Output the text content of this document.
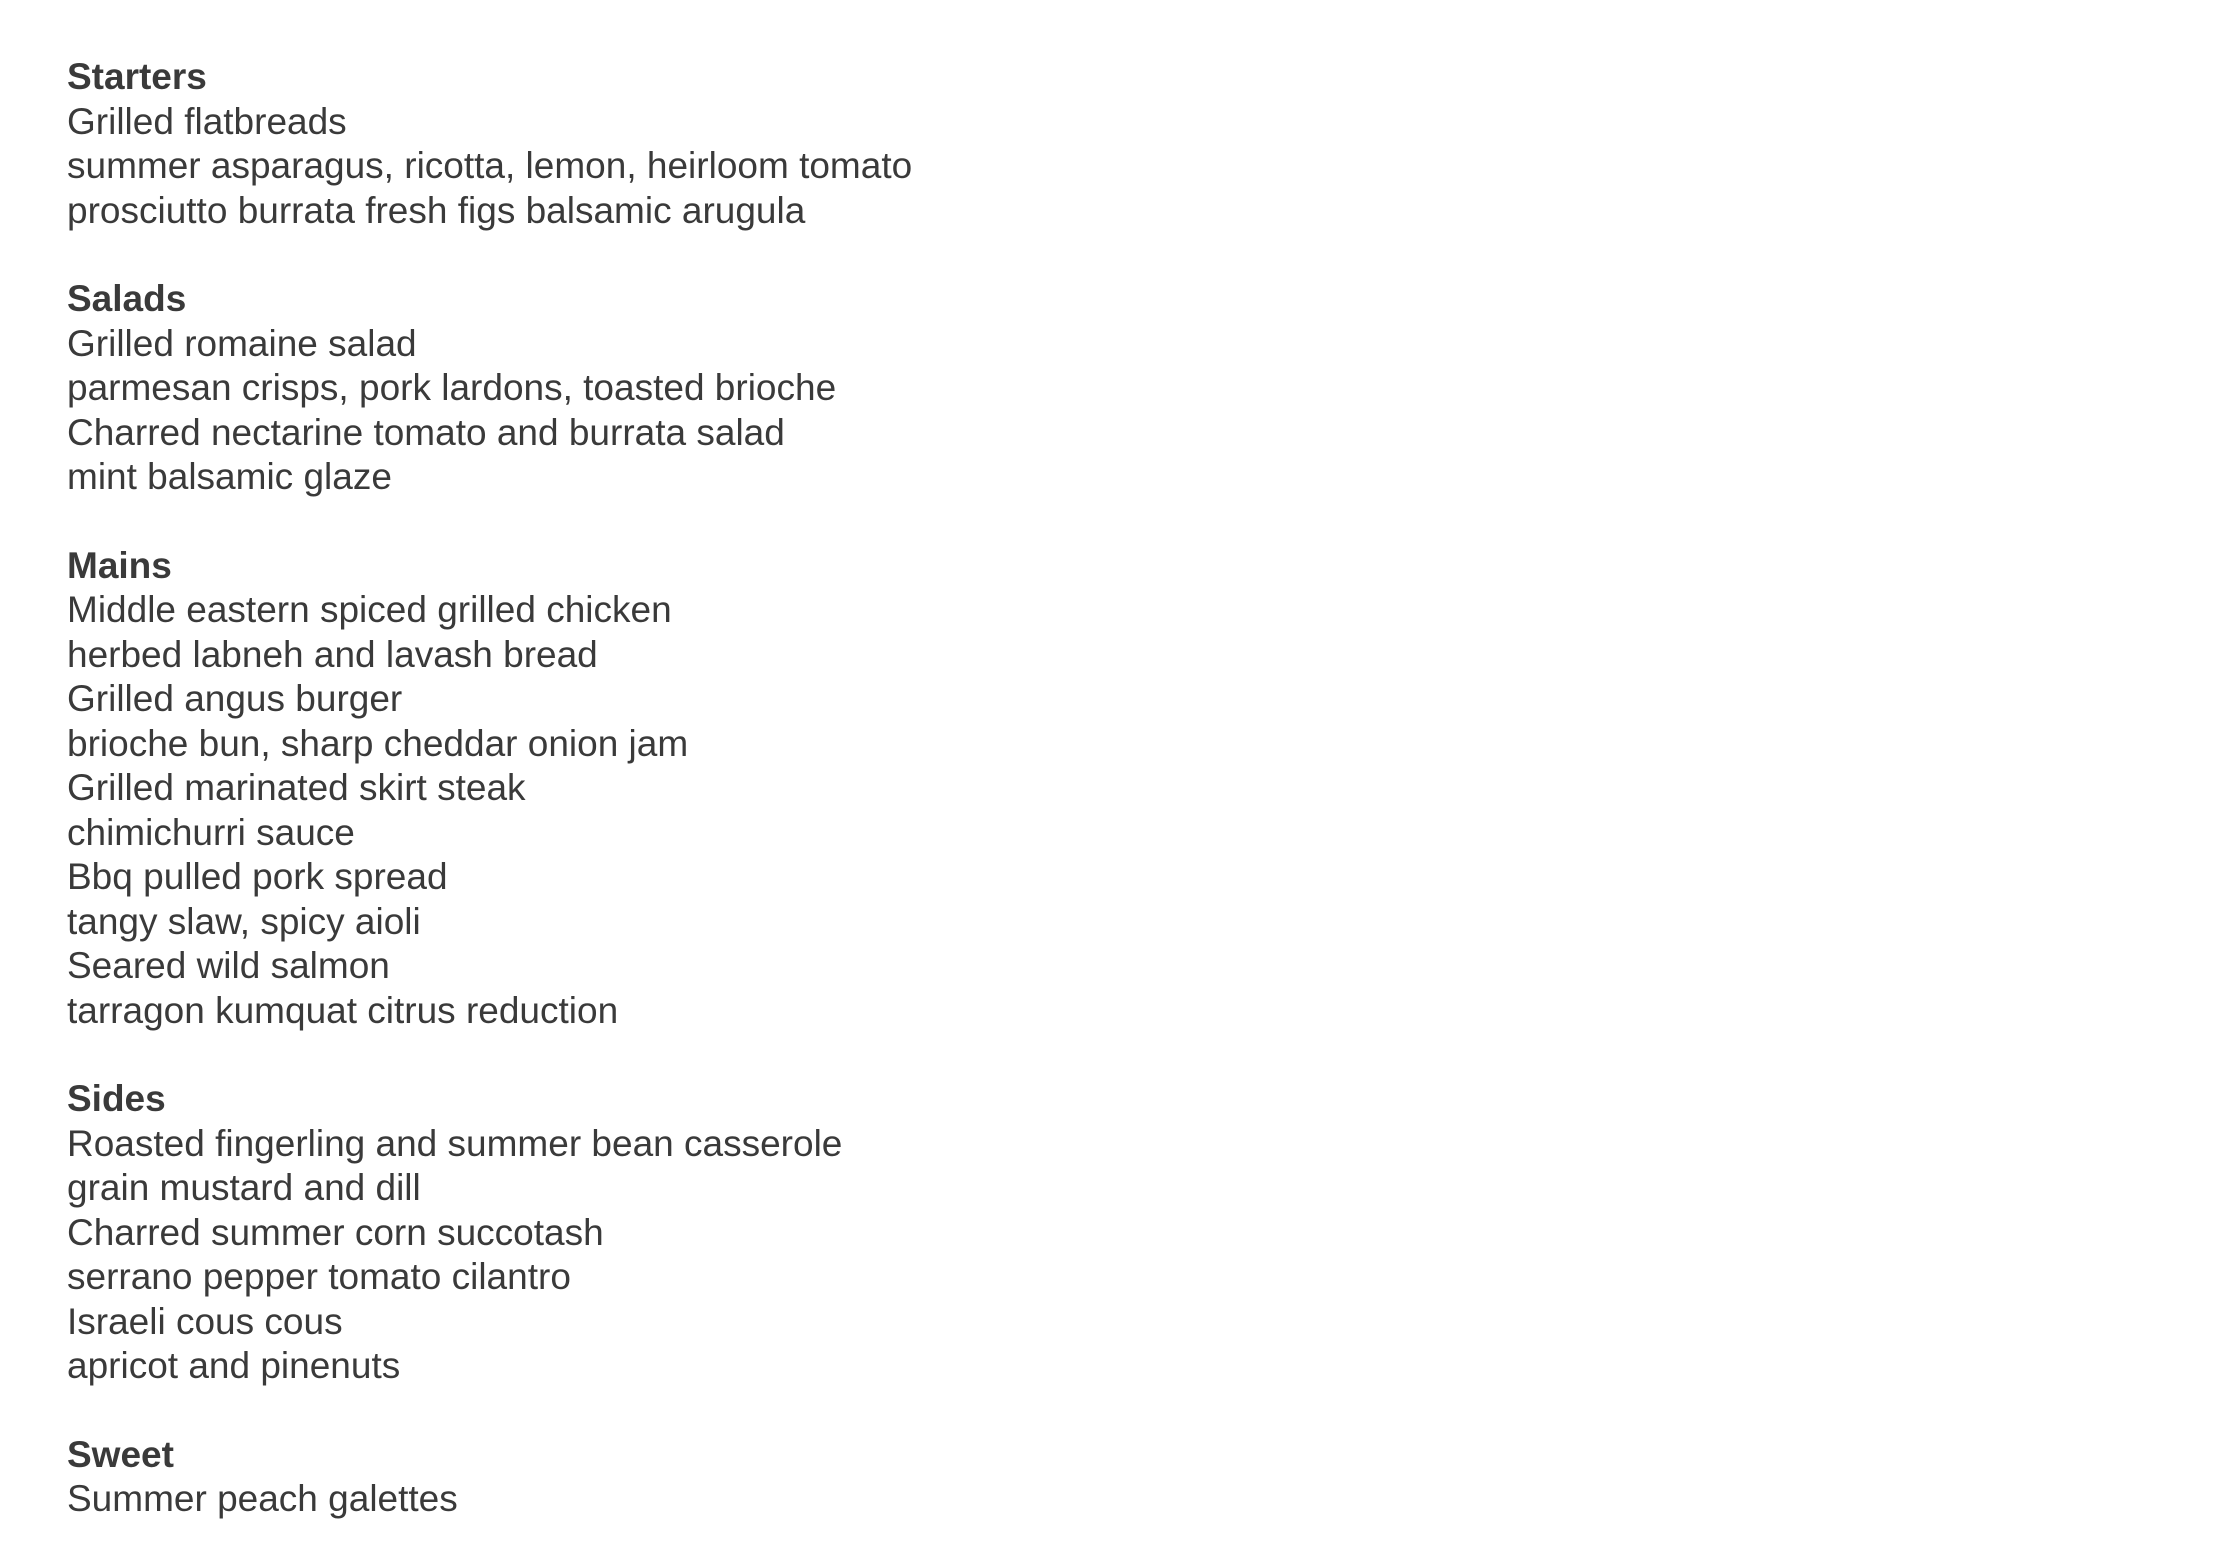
Starters

Grilled flatbreads

summer asparagus, ricotta, lemon, heirloom tomato

prosciutto burrata fresh figs balsamic arugula

Salads

Grilled romaine salad

parmesan crisps, pork lardons, toasted brioche

Charred nectarine tomato and burrata salad

mint balsamic glaze

Mains

Middle eastern spiced grilled chicken

herbed labneh and lavash bread

Grilled angus burger

brioche bun, sharp cheddar onion jam

Grilled marinated skirt steak

chimichurri sauce

Bbq pulled pork spread

tangy slaw, spicy aioli

Seared wild salmon

tarragon kumquat citrus reduction

Sides

Roasted fingerling and summer bean casserole

grain mustard and dill

Charred summer corn succotash

serrano pepper tomato cilantro

Israeli cous cous

apricot and pinenuts

Sweet

Summer peach galettes
